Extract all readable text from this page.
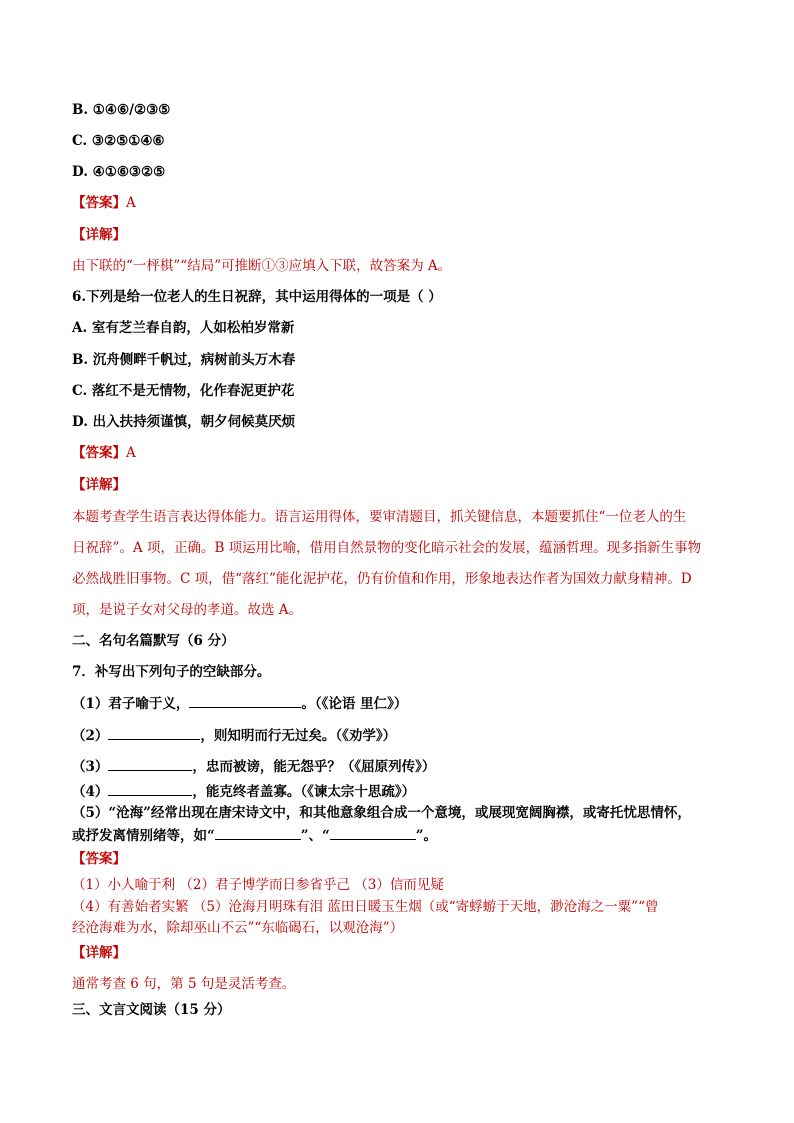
B. ①④⑥/②③⑤
C. ③②⑤①④⑥
D. ④①⑥③②⑤
【答案】A
【详解】
由下联的“一枰棋”“结局”可推断①③应填入下联，故答案为 A。
6.下列是给一位老人的生日祝辞，其中运用得体的一项是（ ）
A. 室有芝兰春自韵，人如松柏岁常新
B. 沉舟侧畔千帆过，病树前头万木春
C. 落红不是无情物，化作春泥更护花
D. 出入扶持须谨慎，朝夕伺候莫厌烦
【答案】A
【详解】
本题考查学生语言表达得体能力。语言运用得体，要审清题目，抓关键信息，本题要抓住“一位老人的生
日祝辞”。A 项，正确。B 项运用比喻，借用自然景物的变化暗示社会的发展，蕴涵哲理。现多指新生事物
必然战胜旧事物。C 项，借“落红”能化泥护花，仍有价值和作用，形象地表达作者为国效力献身精神。D
项，是说子女对父母的孝道。故选 A。
二、名句名篇默写（6 分）
7．补写出下列句子的空缺部分。
（1）君子喻于义，	。（《论语 里仁》）
（2）	，则知明而行无过矣。（《劝学》）
（3）	，忠而被谤，能无怨乎？（《屈原列传》）
（4）	，能克终者盖寡。（《谏太宗十思疏》）
（5）“沧海”经常出现在唐宋诗文中，和其他意象组合成一个意境，或展现宽阔胸襟，或寄托忧思情怀，
或抒发离情别绪等，如“	”、“	”。
【答案】
（1）小人喻于利 （2）君子博学而日参省乎己 （3）信而见疑
（4）有善始者实繁 （5）沧海月明珠有泪 蓝田日暖玉生烟（或“寄蜉蝣于天地，渺沧海之一粟”“曾
经沧海难为水，除却巫山不云”“东临碣石，以观沧海”）
【详解】
通常考查 6 句，第 5 句是灵活考查。
三、文言文阅读（15 分）
